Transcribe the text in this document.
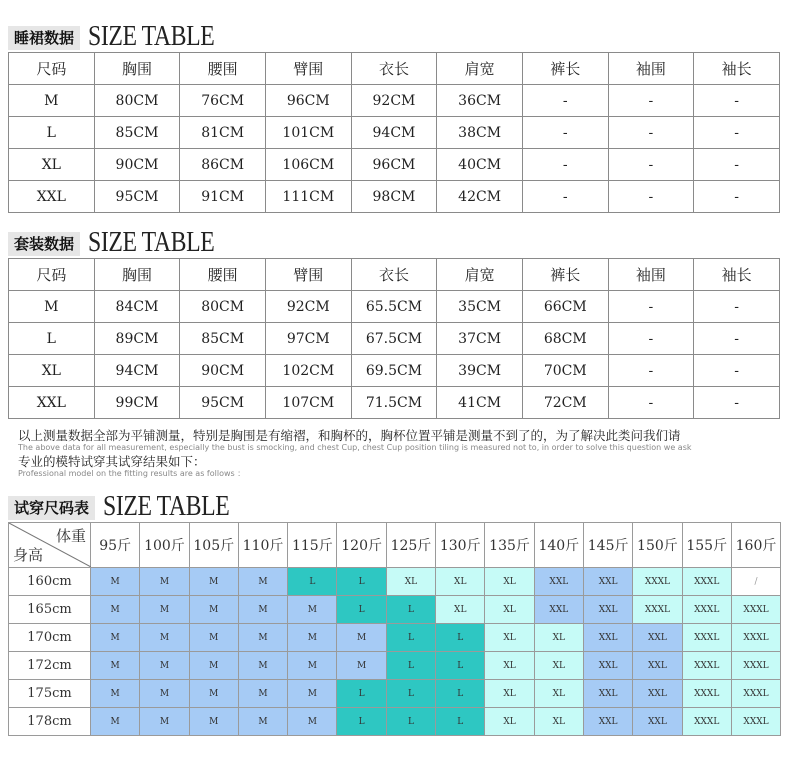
睡裙数据 SIZE TABLE
尺码	胸围	腰围	臂围	衣长	肩宽	裤长	袖围	袖长
M	80CM	76CM	96CM	92CM	36CM	-	-	-
L	85CM	81CM	101CM	94CM	38CM	-	-	-
XL	90CM	86CM	106CM	96CM	40CM	-	-	-
XXL	95CM	91CM	111CM	98CM	42CM	-	-	-
套装数据 SIZE TABLE
尺码	胸围	腰围	臂围	衣长	肩宽	裤长	袖围	袖长
M	84CM	80CM	92CM	65.5CM	35CM	66CM	-	-
L	89CM	85CM	97CM	67.5CM	37CM	68CM	-	-
XL	94CM	90CM	102CM	69.5CM	39CM	70CM	-	-
XXL	99CM	95CM	107CM	71.5CM	41CM	72CM	-	-
以上测量数据全部为平铺测量，特别是胸围是有缩褶，和胸杯的，胸杯位置平铺是测量不到了的，为了解决此类问我们请
The above data for all measurement, especially the bust is smocking, and chest Cup, chest Cup position tiling is measured not to, in order to solve this question we ask
专业的模特试穿其试穿结果如下：
Professional model on the fitting results are as follows ：
试穿尺码表 SIZE TABLE
体重
身高	95斤	100斤	105斤	110斤	115斤	120斤	125斤	130斤	135斤	140斤	145斤	150斤	155斤	160斤
160cm	M	M	M	M	L	L	XL	XL	XL	XXL	XXL	XXXL	XXXL	/
165cm	M	M	M	M	M	L	L	XL	XL	XXL	XXL	XXXL	XXXL	XXXL
170cm	M	M	M	M	M	M	L	L	XL	XL	XXL	XXL	XXXL	XXXL
172cm	M	M	M	M	M	M	L	L	XL	XL	XXL	XXL	XXXL	XXXL
175cm	M	M	M	M	M	L	L	L	XL	XL	XXL	XXL	XXXL	XXXL
178cm	M	M	M	M	M	L	L	L	XL	XL	XXL	XXL	XXXL	XXXL
